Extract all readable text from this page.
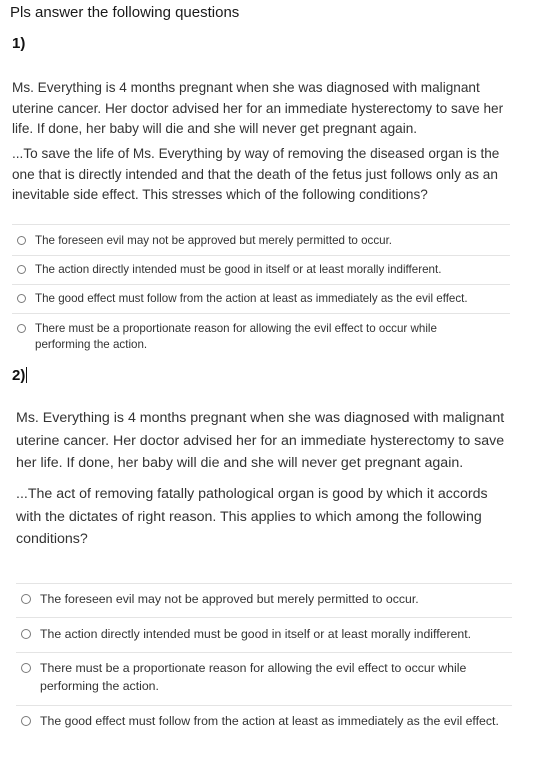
Pls answer the following questions
1)
Ms. Everything is 4 months pregnant when she was diagnosed with malignant uterine cancer. Her doctor advised her for an immediate hysterectomy to save her life. If done, her baby will die and she will never get pregnant again.
...To save the life of Ms. Everything by way of removing the diseased organ is the one that is directly intended and that the death of the fetus just follows only as an inevitable side effect. This stresses which of the following conditions?
The foreseen evil may not be approved but merely permitted to occur.
The action directly intended must be good in itself or at least morally indifferent.
The good effect must follow from the action at least as immediately as the evil effect.
There must be a proportionate reason for allowing the evil effect to occur while performing the action.
2)
Ms. Everything is 4 months pregnant when she was diagnosed with malignant uterine cancer. Her doctor advised her for an immediate hysterectomy to save her life. If done, her baby will die and she will never get pregnant again.
...The act of removing fatally pathological organ is good by which it accords with the dictates of right reason. This applies to which among the following conditions?
The foreseen evil may not be approved but merely permitted to occur.
The action directly intended must be good in itself or at least morally indifferent.
There must be a proportionate reason for allowing the evil effect to occur while performing the action.
The good effect must follow from the action at least as immediately as the evil effect.
